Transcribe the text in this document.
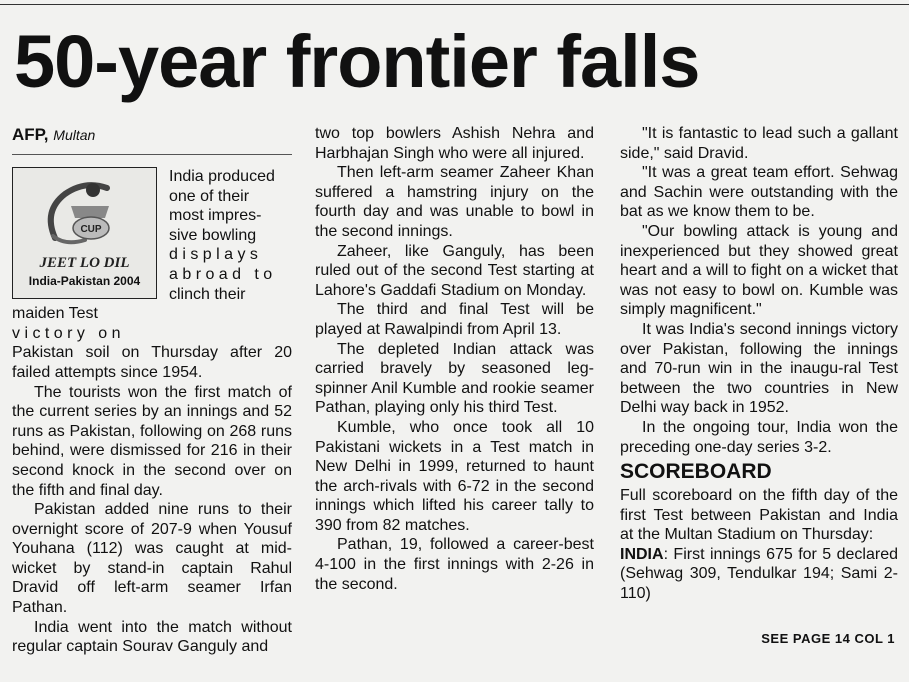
50-year frontier falls
AFP, Multan
CUP
JEET LO DIL
India-Pakistan 2004
India produced
one of their
most impres-
sive bowling
d i s p l a y s
a b r o a d   t o
clinch their
maiden Test
v i c t o r y   o n

Pakistan soil on Thursday after 20 failed attempts since 1954.

The tourists won the first match of the current series by an innings and 52 runs as Pakistan, following on 268 runs behind, were dismissed for 216 in their second knock in the second over on the fifth and final day.

Pakistan added nine runs to their overnight score of 207-9 when Yousuf Youhana (112) was caught at mid-wicket by stand-in captain Rahul Dravid off left-arm seamer Irfan Pathan.

India went into the match without regular captain Sourav Ganguly and

two top bowlers Ashish Nehra and Harbhajan Singh who were all injured.

Then left-arm seamer Zaheer Khan suffered a hamstring injury on the fourth day and was unable to bowl in the second innings.

Zaheer, like Ganguly, has been ruled out of the second Test starting at Lahore's Gaddafi Stadium on Monday.

The third and final Test will be played at Rawalpindi from April 13.

The depleted Indian attack was carried bravely by seasoned leg-spinner Anil Kumble and rookie seamer Pathan, playing only his third Test.

Kumble, who once took all 10 Pakistani wickets in a Test match in New Delhi in 1999, returned to haunt the arch-rivals with 6-72 in the second innings which lifted his career tally to 390 from 82 matches.

Pathan, 19, followed a career-best 4-100 in the first innings with 2-26 in the second.

"It is fantastic to lead such a gallant side," said Dravid.

"It was a great team effort. Sehwag and Sachin were outstanding with the bat as we know them to be.

"Our bowling attack is young and inexperienced but they showed great heart and a will to fight on a wicket that was not easy to bowl on. Kumble was simply magnificent."

It was India's second innings victory over Pakistan, following the innings and 70-run win in the inaugu-ral Test between the two countries in New Delhi way back in 1952.

In the ongoing tour, India won the preceding one-day series 3-2.

SCOREBOARD

Full scoreboard on the fifth day of the first Test between Pakistan and India at the Multan Stadium on Thursday:

INDIA: First innings 675 for 5 declared (Sehwag 309, Tendulkar 194; Sami 2-110)

SEE PAGE 14 COL 1
